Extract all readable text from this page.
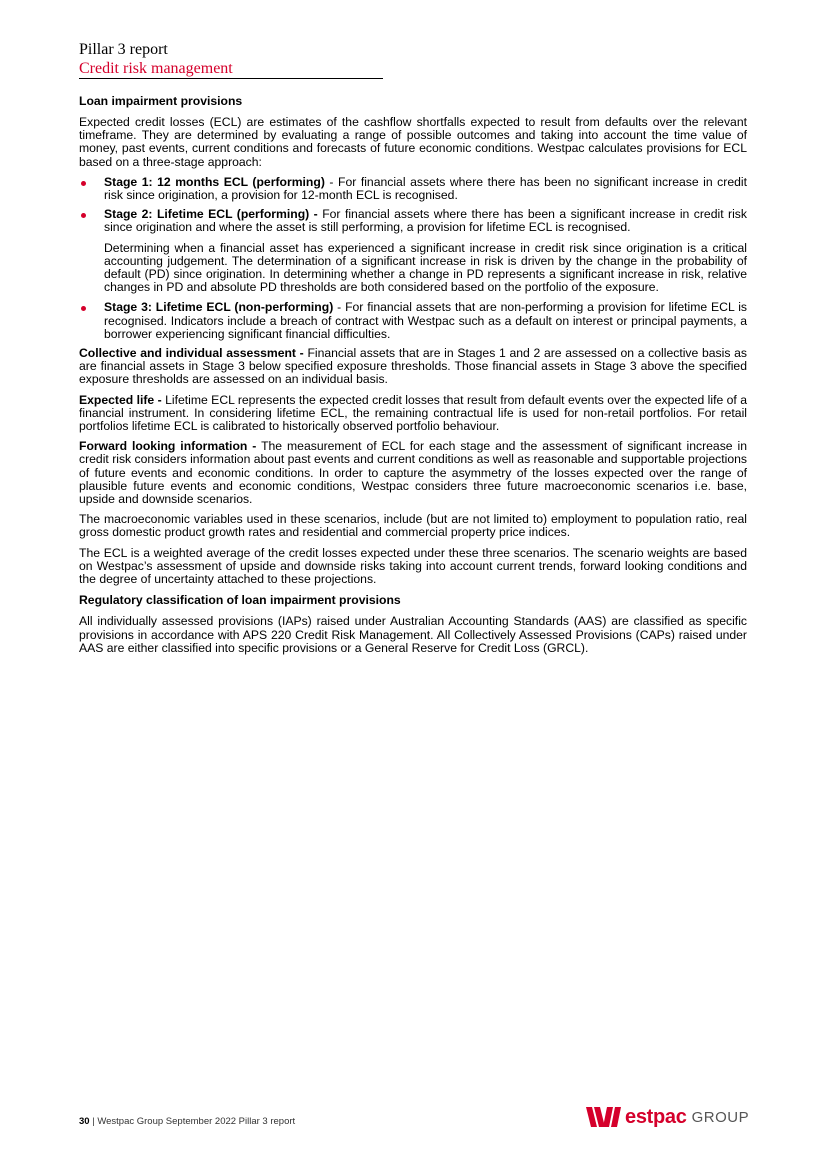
Pillar 3 report
Credit risk management
Loan impairment provisions

Expected credit losses (ECL) are estimates of the cashflow shortfalls expected to result from defaults over the relevant timeframe. They are determined by evaluating a range of possible outcomes and taking into account the time value of money, past events, current conditions and forecasts of future economic conditions. Westpac calculates provisions for ECL based on a three-stage approach:

Stage 1: 12 months ECL (performing) - For financial assets where there has been no significant increase in credit risk since origination, a provision for 12-month ECL is recognised.

Stage 2: Lifetime ECL (performing) - For financial assets where there has been a significant increase in credit risk since origination and where the asset is still performing, a provision for lifetime ECL is recognised.

Determining when a financial asset has experienced a significant increase in credit risk since origination is a critical accounting judgement. The determination of a significant increase in risk is driven by the change in the probability of default (PD) since origination. In determining whether a change in PD represents a significant increase in risk, relative changes in PD and absolute PD thresholds are both considered based on the portfolio of the exposure.

Stage 3: Lifetime ECL (non-performing) - For financial assets that are non-performing a provision for lifetime ECL is recognised. Indicators include a breach of contract with Westpac such as a default on interest or principal payments, a borrower experiencing significant financial difficulties.

Collective and individual assessment - Financial assets that are in Stages 1 and 2 are assessed on a collective basis as are financial assets in Stage 3 below specified exposure thresholds. Those financial assets in Stage 3 above the specified exposure thresholds are assessed on an individual basis.

Expected life - Lifetime ECL represents the expected credit losses that result from default events over the expected life of a financial instrument. In considering lifetime ECL, the remaining contractual life is used for non-retail portfolios. For retail portfolios lifetime ECL is calibrated to historically observed portfolio behaviour.

Forward looking information - The measurement of ECL for each stage and the assessment of significant increase in credit risk considers information about past events and current conditions as well as reasonable and supportable projections of future events and economic conditions. In order to capture the asymmetry of the losses expected over the range of plausible future events and economic conditions, Westpac considers three future macroeconomic scenarios i.e. base, upside and downside scenarios.

The macroeconomic variables used in these scenarios, include (but are not limited to) employment to population ratio, real gross domestic product growth rates and residential and commercial property price indices.

The ECL is a weighted average of the credit losses expected under these three scenarios. The scenario weights are based on Westpac’s assessment of upside and downside risks taking into account current trends, forward looking conditions and the degree of uncertainty attached to these projections.

Regulatory classification of loan impairment provisions

All individually assessed provisions (IAPs) raised under Australian Accounting Standards (AAS) are classified as specific provisions in accordance with APS 220 Credit Risk Management. All Collectively Assessed Provisions (CAPs) raised under AAS are either classified into specific provisions or a General Reserve for Credit Loss (GRCL).

30 | Westpac Group September 2022 Pillar 3 report	estpac GROUP
